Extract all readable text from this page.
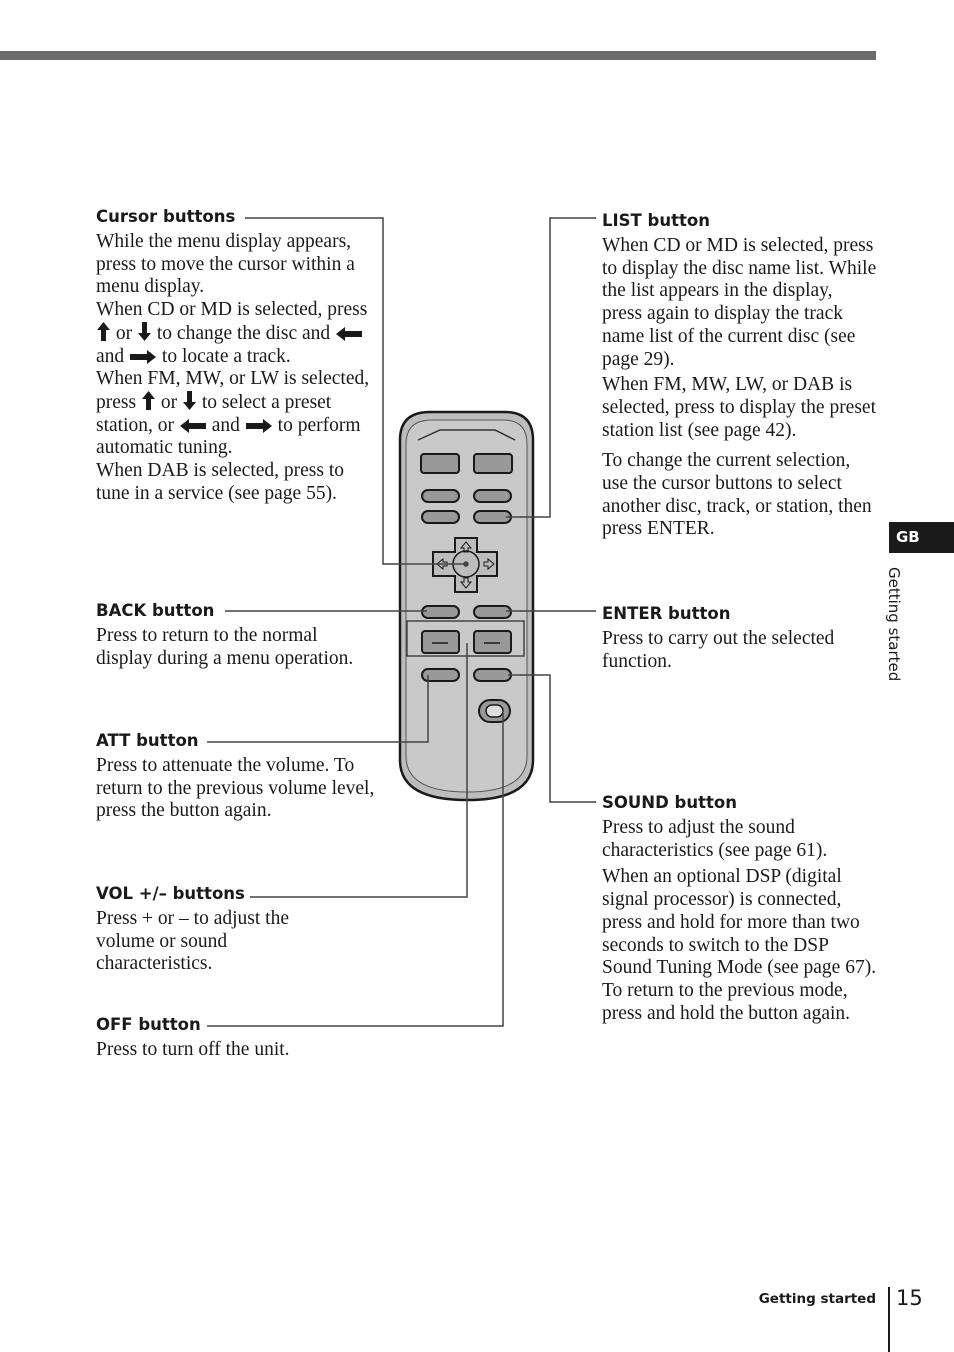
Cursor buttons

While the menu display appears, press to move the cursor within a menu display.

When CD or MD is selected, press
or to change the disc and
and to locate a track.

When FM, MW, or LW is selected, press or to select a preset station, or and to perform automatic tuning.

When DAB is selected, press to tune in a service (see page 55).

BACK button
Press to return to the normal display during a menu operation.
ATT button
Press to attenuate the volume. To return to the previous volume level, press the button again.
VOL +/– buttons
Press + or – to adjust the volume or sound characteristics.
OFF button
Press to turn off the unit.
LIST button

When CD or MD is selected, press to display the disc name list. While the list appears in the display, press again to display the track name list of the current disc (see page 29).

When FM, MW, LW, or DAB is selected, press to display the preset station list (see page 42).

To change the current selection, use the cursor buttons to select another disc, track, or station, then press ENTER.

ENTER button
Press to carry out the selected function.
SOUND button

Press to adjust the sound characteristics (see page 61).

When an optional DSP (digital signal processor) is connected, press and hold for more than two seconds to switch to the DSP Sound Tuning Mode (see page 67). To return to the previous mode, press and hold the button again.

GB
Getting started
Getting started 15
